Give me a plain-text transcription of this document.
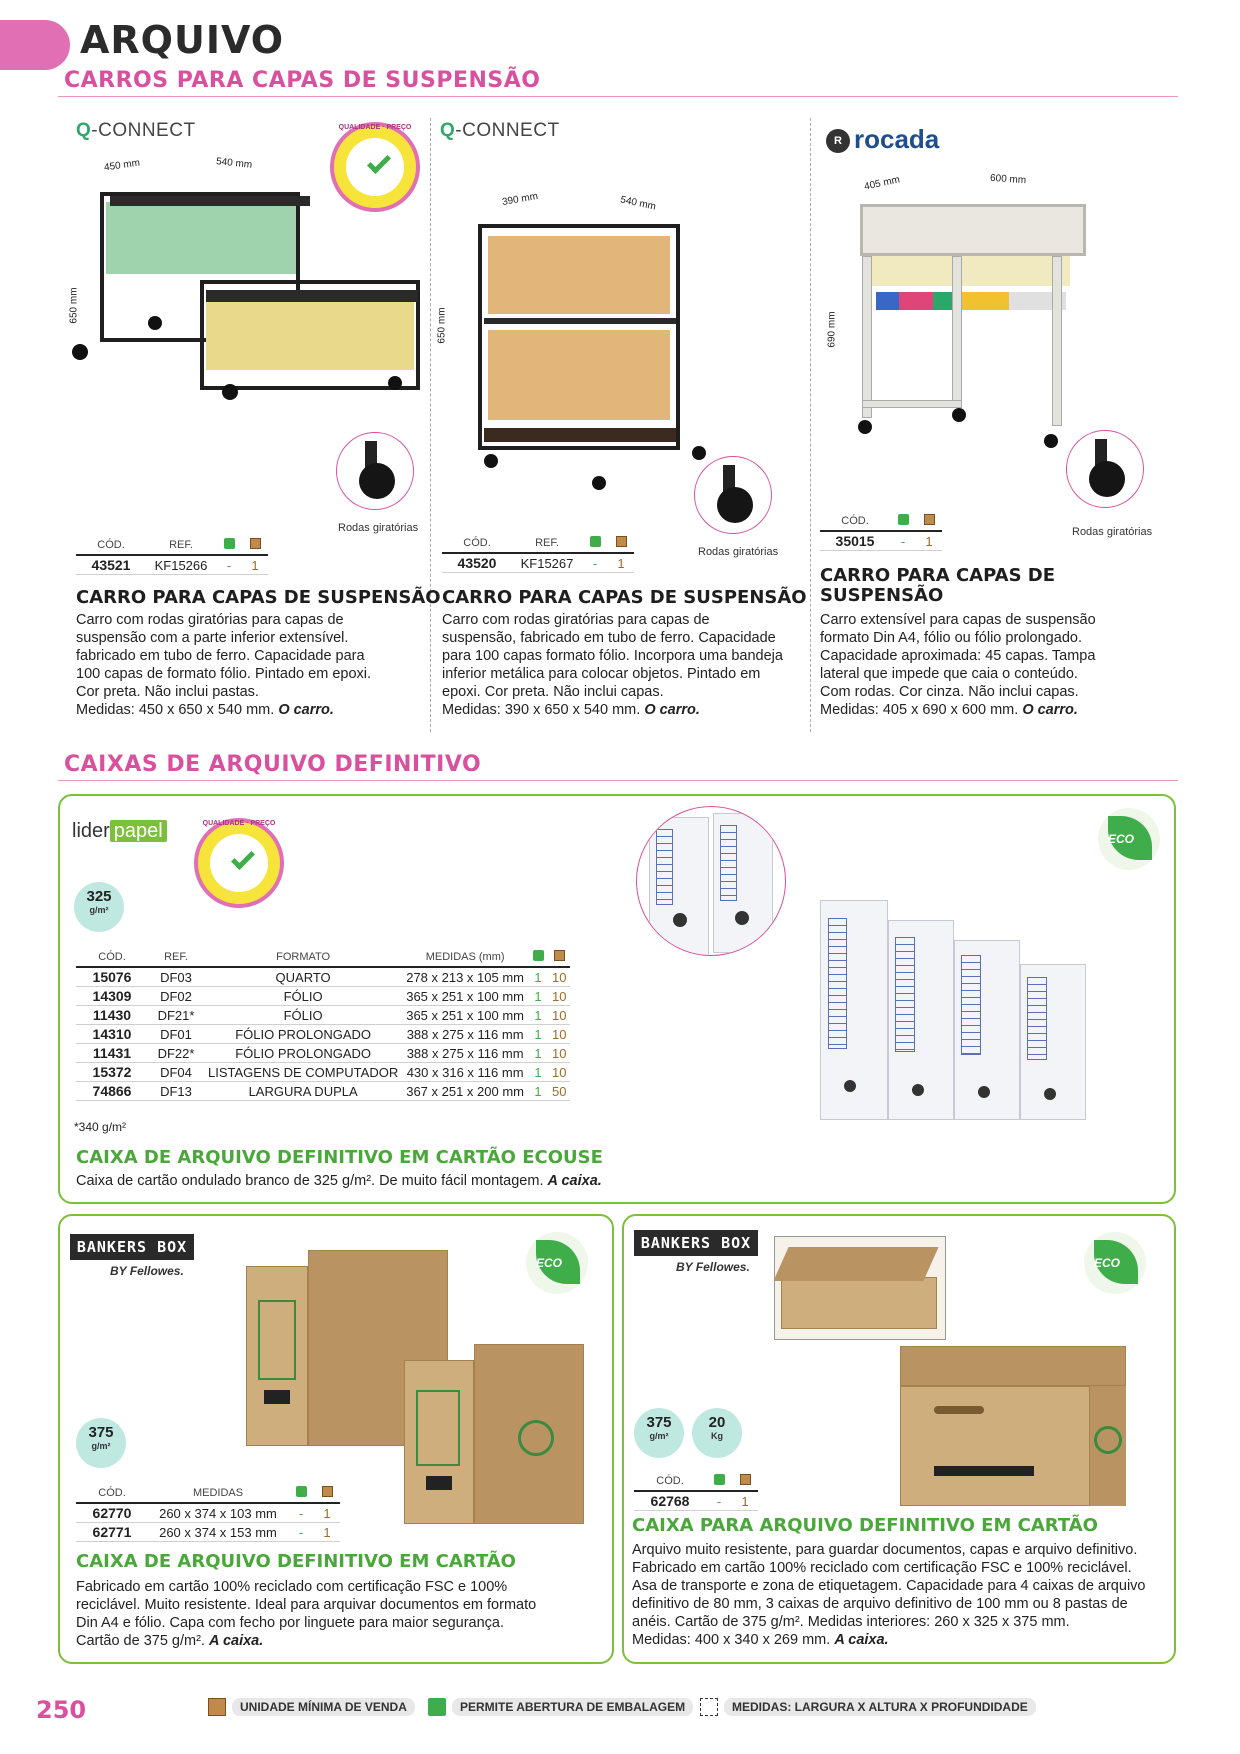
ARQUIVO
CARROS PARA CAPAS DE SUSPENSÃO
Q-CONNECT	QUALIDADE · PREÇO
450 mm	540 mm
650 mm
Rodas giratórias
CÓD.	REF.		
43521	KF15266	-	1
CARRO PARA CAPAS DE SUSPENSÃO
Carro com rodas giratórias para capas de
suspensão com a parte inferior extensível.
fabricado em tubo de ferro. Capacidade para
100 capas de formato fólio. Pintado em epoxi.
Cor preta. Não inclui pastas.
Medidas: 450 x 650 x 540 mm. O carro.
Q-CONNECT
390 mm	540 mm
650 mm
Rodas giratórias
CÓD.	REF.		
43520	KF15267	-	1
CARRO PARA CAPAS DE SUSPENSÃO
Carro com rodas giratórias para capas de
suspensão, fabricado em tubo de ferro. Capacidade
para 100 capas formato fólio. Incorpora uma bandeja
inferior metálica para colocar objetos. Pintado em
epoxi. Cor preta. Não inclui capas.
Medidas: 390 x 650 x 540 mm. O carro.
R rocada
405 mm	600 mm
690 mm
Rodas giratórias
CÓD.		
35015	-	1
CARRO PARA CAPAS DE
SUSPENSÃO
Carro extensível para capas de suspensão
formato Din A4, fólio ou fólio prolongado.
Capacidade aproximada: 45 capas. Tampa
lateral que impede que caia o conteúdo.
Com rodas. Cor cinza. Não inclui capas.
Medidas: 405 x 690 x 600 mm. O carro.
CAIXAS DE ARQUIVO DEFINITIVO
lider papel	QUALIDADE · PREÇO
325
g/m²
ECO
CÓD.	REF.	FORMATO	MEDIDAS (mm)		
15076	DF03	QUARTO	278 x 213 x 105 mm	1	10
14309	DF02	FÓLIO	365 x 251 x 100 mm	1	10
11430	DF21*	FÓLIO	365 x 251 x 100 mm	1	10
14310	DF01	FÓLIO PROLONGADO	388 x 275 x 116 mm	1	10
11431	DF22*	FÓLIO PROLONGADO	388 x 275 x 116 mm	1	10
15372	DF04	LISTAGENS DE COMPUTADOR	430 x 316 x 116 mm	1	10
74866	DF13	LARGURA DUPLA	367 x 251 x 200 mm	1	50
*340 g/m²
CAIXA DE ARQUIVO DEFINITIVO EM CARTÃO ECOUSE
Caixa de cartão ondulado branco de 325 g/m². De muito fácil montagem. A caixa.
BANKERS BOX
BY Fellowes.
ECO
375
g/m²
CÓD.	MEDIDAS		
62770	260 x 374 x 103 mm	-	1
62771	260 x 374 x 153 mm	-	1
CAIXA DE ARQUIVO DEFINITIVO EM CARTÃO
Fabricado em cartão 100% reciclado com certificação FSC e 100%
reciclável. Muito resistente. Ideal para arquivar documentos em formato
Din A4 e fólio. Capa com fecho por linguete para maior segurança.
Cartão de 375 g/m². A caixa.
BANKERS BOX
BY Fellowes.	ECO
375
g/m²
20
Kg
CÓD.		
62768	-	1
CAIXA PARA ARQUIVO DEFINITIVO EM CARTÃO
Arquivo muito resistente, para guardar documentos, capas e arquivo definitivo.
Fabricado em cartão 100% reciclado com certificação FSC e 100% reciclável.
Asa de transporte e zona de etiquetagem. Capacidade para 4 caixas de arquivo
definitivo de 80 mm, 3 caixas de arquivo definitivo de 100 mm ou 8 pastas de
anéis. Cartão de 375 g/m². Medidas interiores: 260 x 325 x 375 mm.
Medidas: 400 x 340 x 269 mm. A caixa.
250	UNIDADE MÍNIMA DE VENDA	PERMITE ABERTURA DE EMBALAGEM	MEDIDAS: LARGURA X ALTURA X PROFUNDIDADE
